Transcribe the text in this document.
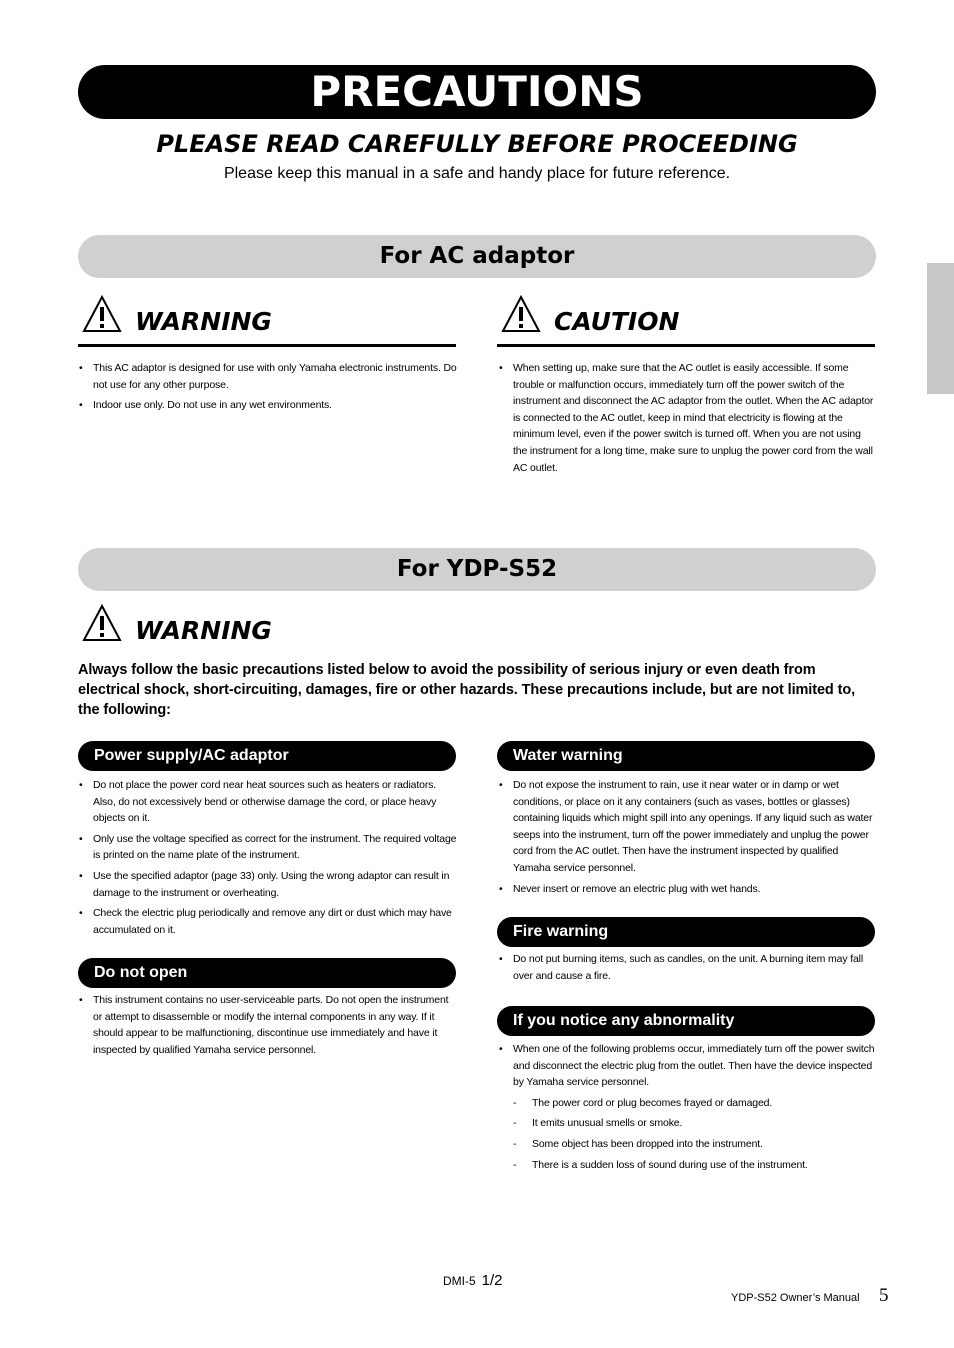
PRECAUTIONS
PLEASE READ CAREFULLY BEFORE PROCEEDING
Please keep this manual in a safe and handy place for future reference.
For AC adaptor
WARNING	CAUTION
• This AC adaptor is designed for use with only Yamaha electronic instruments. Do not use for any other purpose.
• Indoor use only. Do not use in any wet environments.
• When setting up, make sure that the AC outlet is easily accessible. If some trouble or malfunction occurs, immediately turn off the power switch of the instrument and disconnect the AC adaptor from the outlet. When the AC adaptor is connected to the AC outlet, keep in mind that electricity is flowing at the minimum level, even if the power switch is turned off. When you are not using the instrument for a long time, make sure to unplug the power cord from the wall AC outlet.
For YDP-S52
WARNING
Always follow the basic precautions listed below to avoid the possibility of serious injury or even death from electrical shock, short-circuiting, damages, fire or other hazards. These precautions include, but are not limited to, the following:
Power supply/AC adaptor
• Do not place the power cord near heat sources such as heaters or radiators. Also, do not excessively bend or otherwise damage the cord, or place heavy objects on it.
• Only use the voltage specified as correct for the instrument. The required voltage is printed on the name plate of the instrument.
• Use the specified adaptor (page 33) only. Using the wrong adaptor can result in damage to the instrument or overheating.
• Check the electric plug periodically and remove any dirt or dust which may have accumulated on it.
Do not open
• This instrument contains no user-serviceable parts. Do not open the instrument or attempt to disassemble or modify the internal components in any way. If it should appear to be malfunctioning, discontinue use immediately and have it inspected by qualified Yamaha service personnel.
Water warning
• Do not expose the instrument to rain, use it near water or in damp or wet conditions, or place on it any containers (such as vases, bottles or glasses) containing liquids which might spill into any openings. If any liquid such as water seeps into the instrument, turn off the power immediately and unplug the power cord from the AC outlet. Then have the instrument inspected by qualified Yamaha service personnel.
• Never insert or remove an electric plug with wet hands.
Fire warning
• Do not put burning items, such as candles, on the unit. A burning item may fall over and cause a fire.
If you notice any abnormality
• When one of the following problems occur, immediately turn off the power switch and disconnect the electric plug from the outlet. Then have the device inspected by Yamaha service personnel.
- The power cord or plug becomes frayed or damaged.
- It emits unusual smells or smoke.
- Some object has been dropped into the instrument.
- There is a sudden loss of sound during use of the instrument.
DMI-5 1/2
YDP-S52 Owner’s Manual 5
